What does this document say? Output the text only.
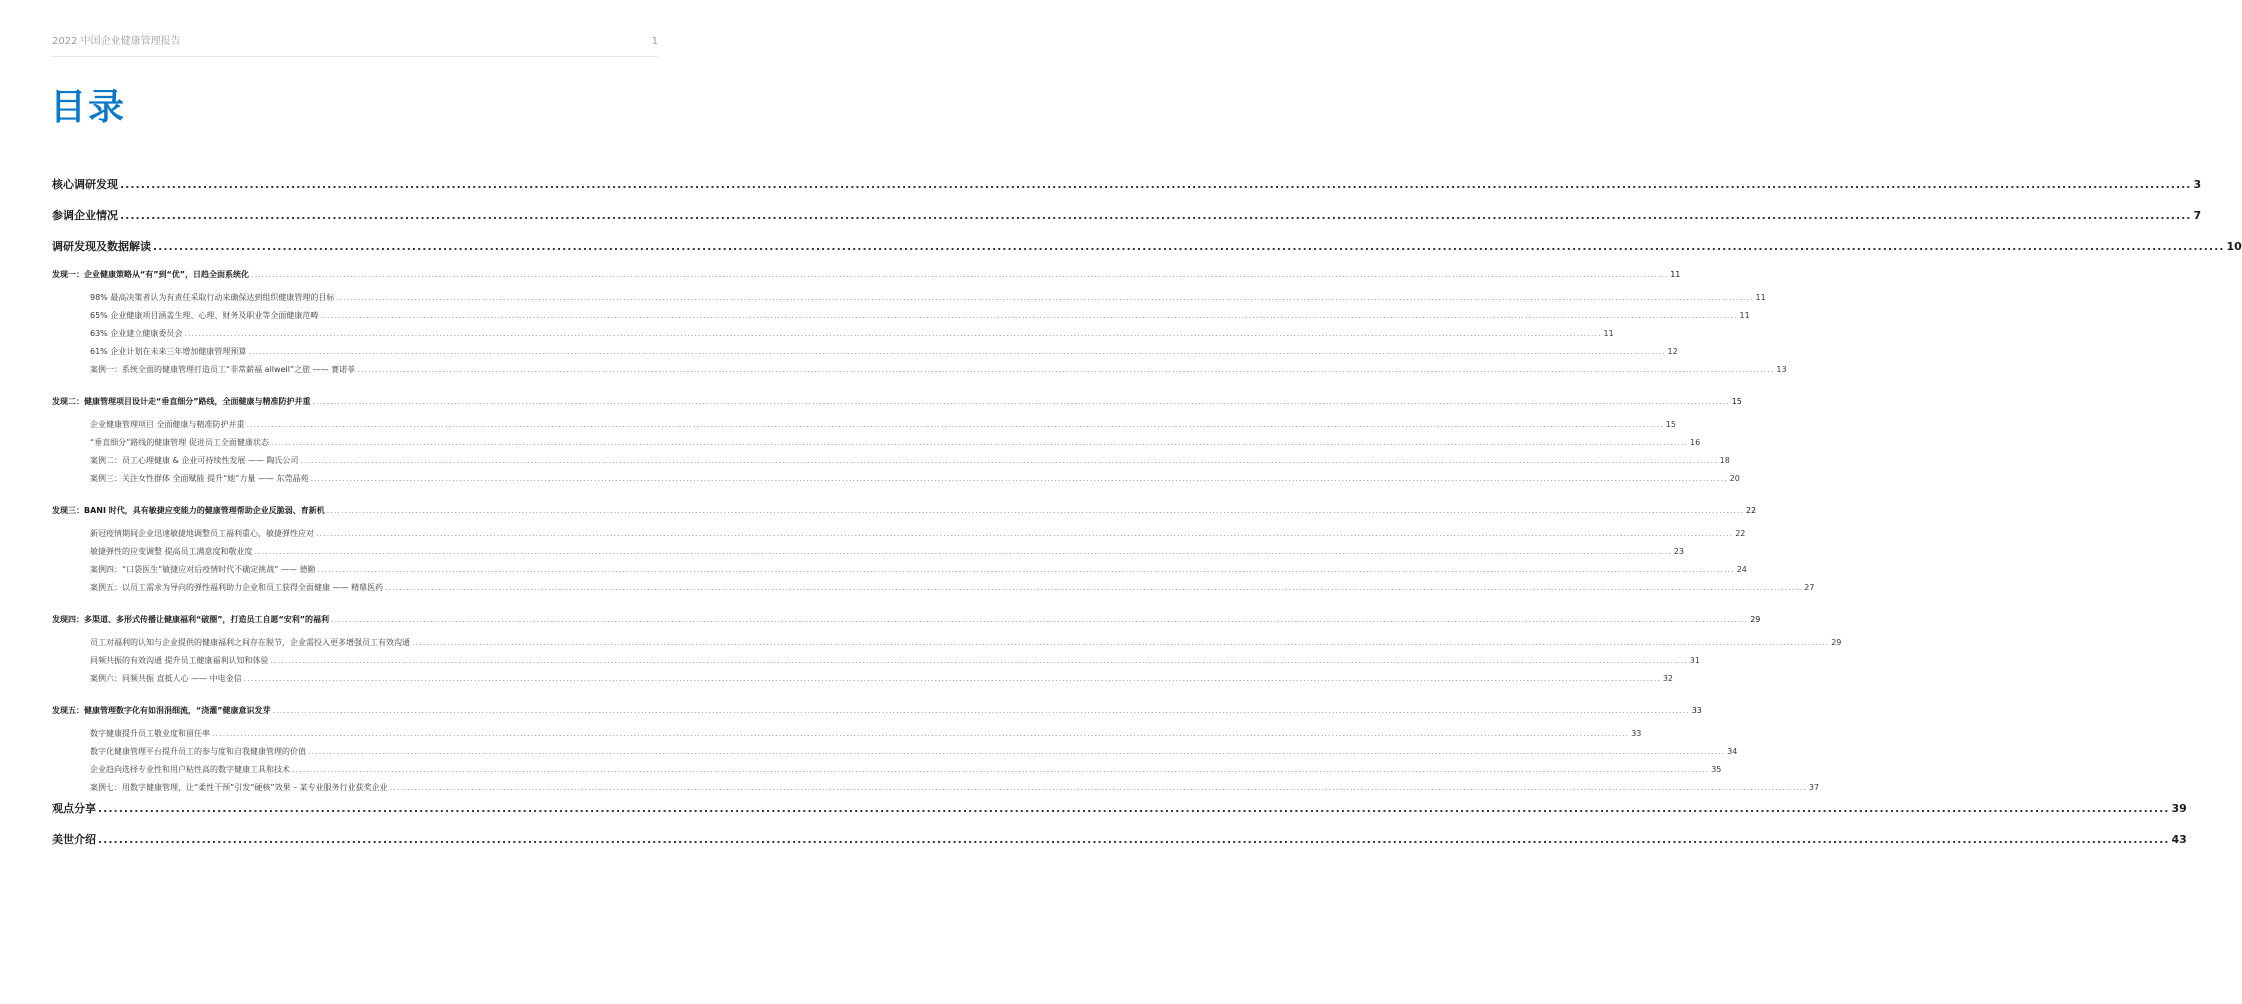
2022 中国企业健康管理报告	1
目录
核心调研发现 ................................................................................................................................................................................................................................................................................................................................................................................................................ 3
参调企业情况 ................................................................................................................................................................................................................................................................................................................................................................................................................ 7
调研发现及数据解读 ................................................................................................................................................................................................................................................................................................................................................................................................................ 10
发现一：企业健康策略从“有”到“优”，日趋全面系统化 ................................................................................................................................................................................................................................................................................................................................................................................................................ 11
98% 最高决策者认为有责任采取行动来确保达到组织健康管理的目标 ................................................................................................................................................................................................................................................................................................................................................................................................................ 11
65% 企业健康项目涵盖生理、心理、财务及职业等全面健康范畴 ................................................................................................................................................................................................................................................................................................................................................................................................................ 11
63% 企业建立健康委员会 ................................................................................................................................................................................................................................................................................................................................................................................................................ 11
61% 企业计划在未来三年增加健康管理预算 ................................................................................................................................................................................................................................................................................................................................................................................................................ 12
案例一：系统全面的健康管理打造员工“非常薪福 allwell”之旅 —— 赛诺菲 ................................................................................................................................................................................................................................................................................................................................................................................................................ 13
发现二：健康管理项目设计走“垂直细分”路线，全面健康与精准防护并重 ................................................................................................................................................................................................................................................................................................................................................................................................................ 15
企业健康管理项目 全面健康与精准防护并重 ................................................................................................................................................................................................................................................................................................................................................................................................................ 15
“垂直细分”路线的健康管理 促进员工全面健康状态 ................................................................................................................................................................................................................................................................................................................................................................................................................ 16
案例二：员工心理健康 & 企业可持续性发展 —— 陶氏公司 ................................................................................................................................................................................................................................................................................................................................................................................................................ 18
案例三：关注女性群体 全面赋能 提升“她”力量 —— 东莞晶苑 ................................................................................................................................................................................................................................................................................................................................................................................................................ 20
发现三：BANI 时代，具有敏捷应变能力的健康管理帮助企业反脆弱、育新机 ................................................................................................................................................................................................................................................................................................................................................................................................................ 22
新冠疫情期间企业迅速敏捷地调整员工福利重心，敏捷弹性应对 ................................................................................................................................................................................................................................................................................................................................................................................................................ 22
敏捷弹性的应变调整 提高员工满意度和敬业度 ................................................................................................................................................................................................................................................................................................................................................................................................................ 23
案例四：“口袋医生”敏捷应对后疫情时代不确定挑战” —— 德勤 ................................................................................................................................................................................................................................................................................................................................................................................................................ 24
案例五：以员工需求为导向的弹性福利助力企业和员工获得全面健康 —— 精鼎医药 ................................................................................................................................................................................................................................................................................................................................................................................................................ 27
发现四：多渠道、多形式传播让健康福利“破圈”，打造员工自愿“安利”的福利 ................................................................................................................................................................................................................................................................................................................................................................................................................ 29
员工对福利的认知与企业提供的健康福利之间存在脱节，企业需投入更多增强员工有效沟通 ................................................................................................................................................................................................................................................................................................................................................................................................................ 29
同频共振的有效沟通 提升员工健康福利认知和体验 ................................................................................................................................................................................................................................................................................................................................................................................................................ 31
案例六：同频共振 直抵人心 —— 中电金信 ................................................................................................................................................................................................................................................................................................................................................................................................................ 32
发现五：健康管理数字化有如涓涓细流，“浇灌”健康意识发芽 ................................................................................................................................................................................................................................................................................................................................................................................................................ 33
数字健康提升员工敬业度和留任率 ................................................................................................................................................................................................................................................................................................................................................................................................................ 33
数字化健康管理平台提升员工的参与度和自我健康管理的价值 ................................................................................................................................................................................................................................................................................................................................................................................................................ 34
企业趋向选择专业性和用户粘性高的数字健康工具和技术 ................................................................................................................................................................................................................................................................................................................................................................................................................ 35
案例七：用数字健康管理，让“柔性干预”引发“硬核”效果 – 某专业服务行业获奖企业 ................................................................................................................................................................................................................................................................................................................................................................................................................ 37
观点分享 ................................................................................................................................................................................................................................................................................................................................................................................................................ 39
美世介绍 ................................................................................................................................................................................................................................................................................................................................................................................................................ 43
